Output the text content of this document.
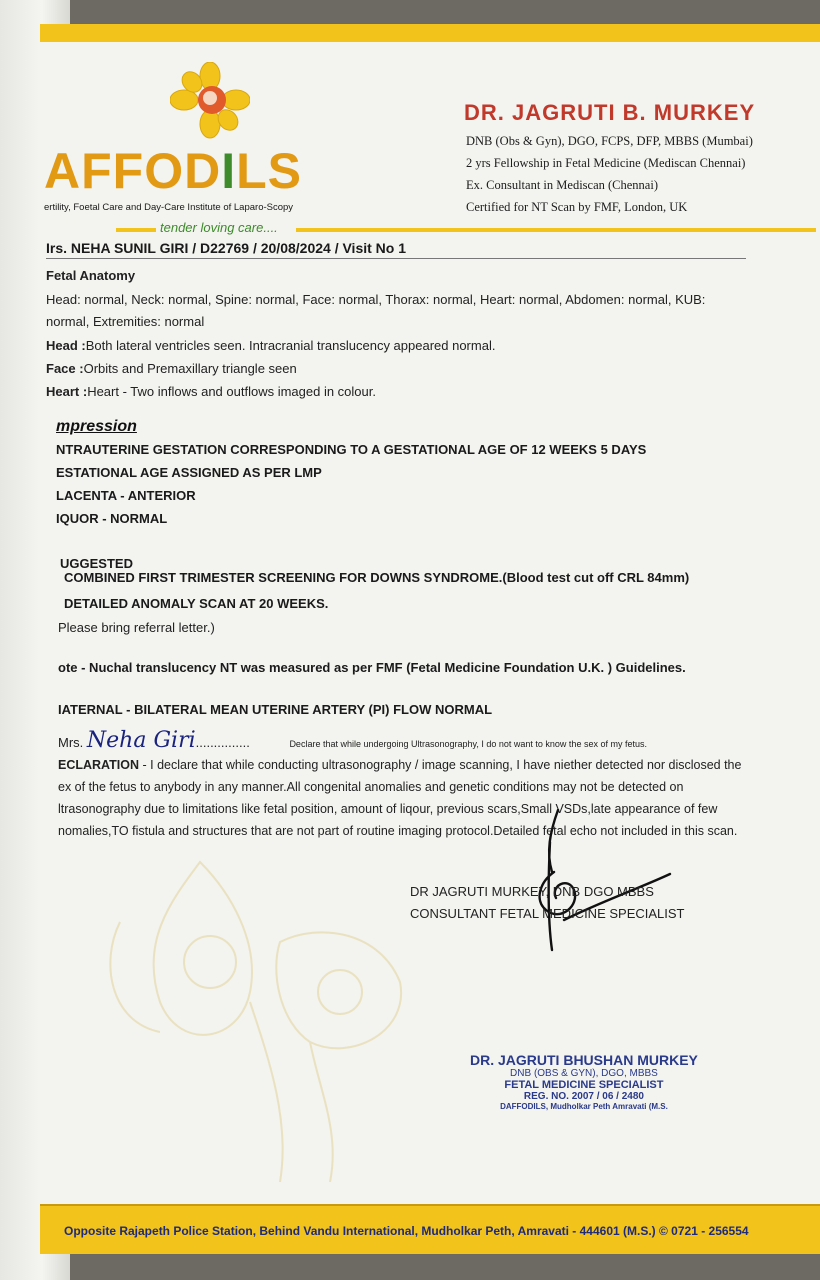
AFFODILS
ertility, Foetal Care and Day-Care Institute of Laparo-Scopy
tender loving care....
DR. JAGRUTI B. MURKEY
DNB (Obs & Gyn), DGO, FCPS, DFP, MBBS (Mumbai)
2 yrs Fellowship in Fetal Medicine (Mediscan Chennai)
Ex. Consultant in Mediscan (Chennai)
Certified for NT Scan by FMF, London, UK
Irs. NEHA SUNIL GIRI / D22769 / 20/08/2024 / Visit No 1
Fetal Anatomy
Head: normal, Neck: normal, Spine: normal, Face: normal, Thorax: normal, Heart: normal, Abdomen: normal, KUB:
normal, Extremities: normal
Head :Both lateral ventricles seen. Intracranial translucency appeared normal.
Face :Orbits and Premaxillary triangle seen
Heart :Heart - Two inflows and outflows imaged in colour.
mpression
NTRAUTERINE GESTATION CORRESPONDING TO A GESTATIONAL AGE OF 12 WEEKS 5 DAYS
ESTATIONAL AGE ASSIGNED AS PER LMP
LACENTA - ANTERIOR
IQUOR - NORMAL
UGGESTED
COMBINED FIRST TRIMESTER SCREENING FOR DOWNS SYNDROME.(Blood test cut off CRL 84mm)
DETAILED ANOMALY SCAN AT 20 WEEKS.
Please bring referral letter.)
ote - Nuchal translucency NT was measured as per FMF (Fetal Medicine Foundation U.K. ) Guidelines.
IATERNAL - BILATERAL MEAN UTERINE ARTERY (PI) FLOW NORMAL
Mrs. Neha Giri...............	Declare that while undergoing Ultrasonography, I do not want to know the sex of my fetus.
ECLARATION - I declare that while conducting ultrasonography / image scanning, I have niether detected nor disclosed the
ex of the fetus to anybody in any manner.All congenital anomalies and genetic conditions may not be detected on
ltrasonography due to limitations like fetal position, amount of liqour, previous scars,Small VSDs,late appearance of few
nomalies,TO fistula and structures that are not part of routine imaging protocol.Detailed fetal echo not included in this scan.
DR JAGRUTI MURKEY, DNB DGO MBBS
CONSULTANT FETAL MEDICINE SPECIALIST
DR. JAGRUTI BHUSHAN MURKEY
DNB (OBS & GYN), DGO, MBBS
FETAL MEDICINE SPECIALIST
REG. NO. 2007 / 06 / 2480
DAFFODILS, Mudholkar Peth Amravati (M.S.
Opposite Rajapeth Police Station, Behind Vandu International, Mudholkar Peth, Amravati - 444601 (M.S.) © 0721 - 256554
